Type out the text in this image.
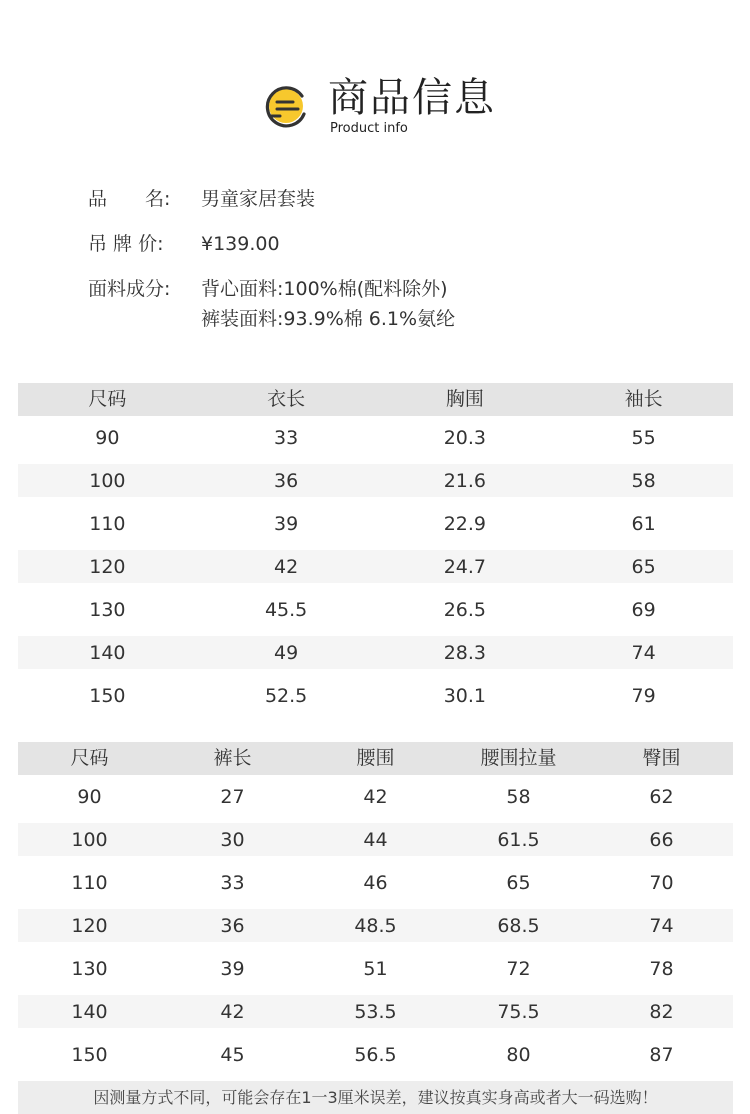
商品信息
Product info
品　　名: 男童家居套装
吊 牌 价: ¥139.00
面料成分: 背心面料:100%棉(配料除外)
裤装面料:93.9%棉 6.1%氨纶
尺码	衣长	胸围	袖长
90	33	20.3	55
100	36	21.6	58
110	39	22.9	61
120	42	24.7	65
130	45.5	26.5	69
140	49	28.3	74
150	52.5	30.1	79
尺码	裤长	腰围	腰围拉量	臀围
90	27	42	58	62
100	30	44	61.5	66
110	33	46	65	70
120	36	48.5	68.5	74
130	39	51	72	78
140	42	53.5	75.5	82
150	45	56.5	80	87
因测量方式不同，可能会存在1一3厘米误差，建议按真实身高或者大一码选购！
